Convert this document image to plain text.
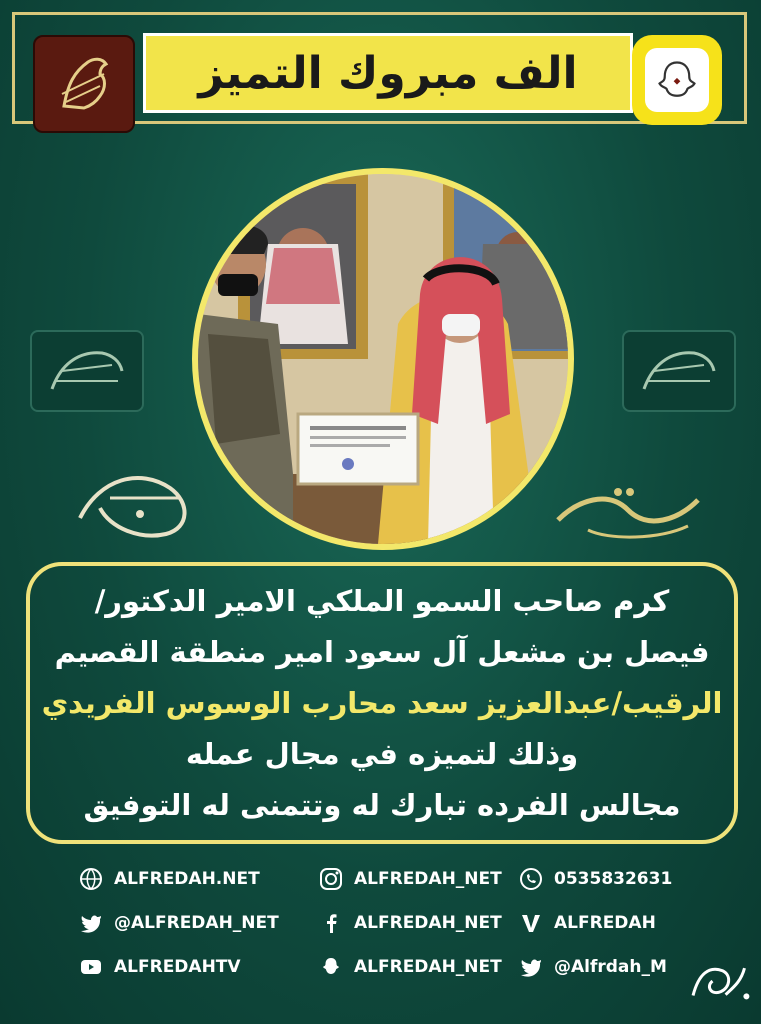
الف مبروك التميز	◆
كرم صاحب السمو الملكي الامير الدكتور/
فيصل بن مشعل آل سعود امير منطقة القصيم
الرقيب/عبدالعزيز سعد محارب الوسوس الفريدي
وذلك لتميزه في مجال عمله
مجالس الفرده تبارك له وتتمنى له التوفيق
ALFREDAH.NET	ALFREDAH_NET	0535832631
@ALFREDAH_NET	ALFREDAH_NET	ALFREDAH
ALFREDAHTV	ALFREDAH_NET	@Alfrdah_M
